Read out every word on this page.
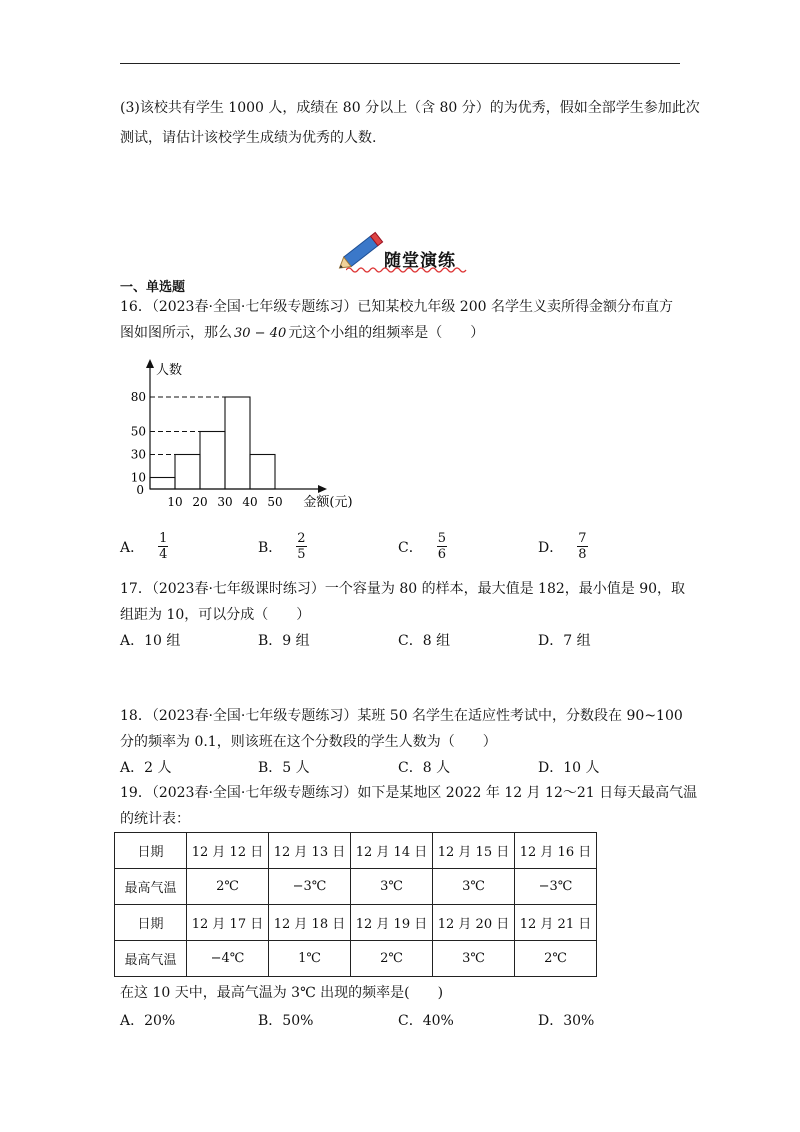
(3)该校共有学生 1000 人，成绩在 80 分以上（含 80 分）的为优秀，假如全部学生参加此次
测试，请估计该校学生成绩为优秀的人数.
随堂演练
一、单选题
16．（2023春·全国·七年级专题练习）已知某校九年级 200 名学生义卖所得金额分布直方
图如图所示，那么 30 − 40 元这个小组的组频率是（　　）
10
30
50
80
10 20 30 40 50
0
人数
金额(元)
A． $\frac{1}{4}$	B． $\frac{2}{5}$	C． $\frac{5}{6}$	D． $\frac{7}{8}$
17．（2023春·七年级课时练习）一个容量为 80 的样本，最大值是 182，最小值是 90，取
组距为 10，可以分成（　　）
A．10 组	B．9 组	C．8 组	D．7 组
18．（2023春·全国·七年级专题练习）某班 50 名学生在适应性考试中，分数段在 90~100
分的频率为 0.1，则该班在这个分数段的学生人数为（　　）
A．2 人	B．5 人	C．8 人	D．10 人
19．（2023春·全国·七年级专题练习）如下是某地区 2022 年 12 月 12～21 日每天最高气温
的统计表：
日期	12 月 12 日	12 月 13 日	12 月 14 日	12 月 15 日	12 月 16 日
最高气温	2℃	−3℃	3℃	3℃	−3℃
日期	12 月 17 日	12 月 18 日	12 月 19 日	12 月 20 日	12 月 21 日
最高气温	−4℃	1℃	2℃	3℃	2℃
在这 10 天中，最高气温为 3℃ 出现的频率是(　　)
A．20%	B．50%	C．40%	D．30%
